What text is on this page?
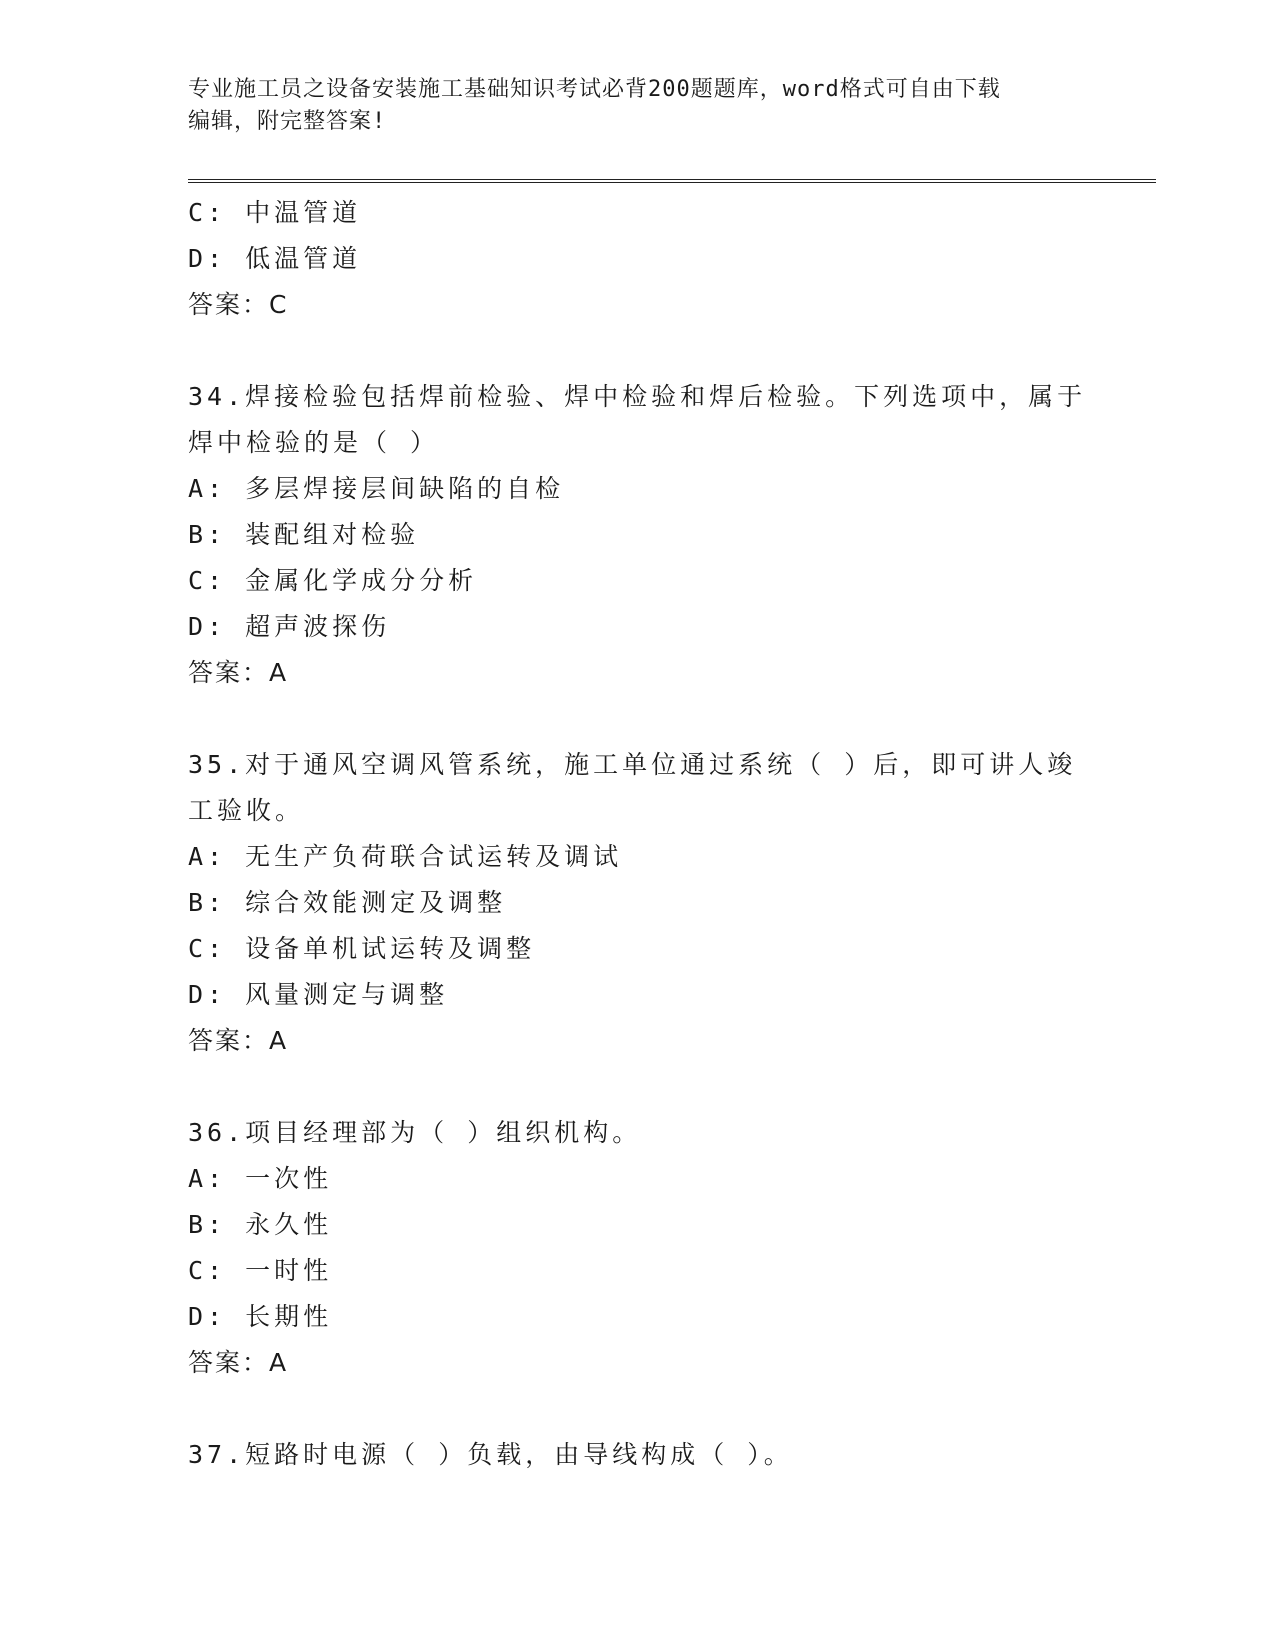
专业施工员之设备安装施工基础知识考试必背200题题库，word格式可自由下载
编辑，附完整答案!
C: 中温管道
D: 低温管道
答案：C
34.焊接检验包括焊前检验、焊中检验和焊后检验。下列选项中，属于
焊中检验的是（ ）
A: 多层焊接层间缺陷的自检
B: 装配组对检验
C: 金属化学成分分析
D: 超声波探伤
答案：A
35.对于通风空调风管系统，施工单位通过系统（ ）后，即可讲人竣
工验收。
A: 无生产负荷联合试运转及调试
B: 综合效能测定及调整
C: 设备单机试运转及调整
D: 风量测定与调整
答案：A
36.项目经理部为（ ）组织机构。
A: 一次性
B: 永久性
C: 一时性
D: 长期性
答案：A
37.短路时电源（ ）负载，由导线构成（ ）。
